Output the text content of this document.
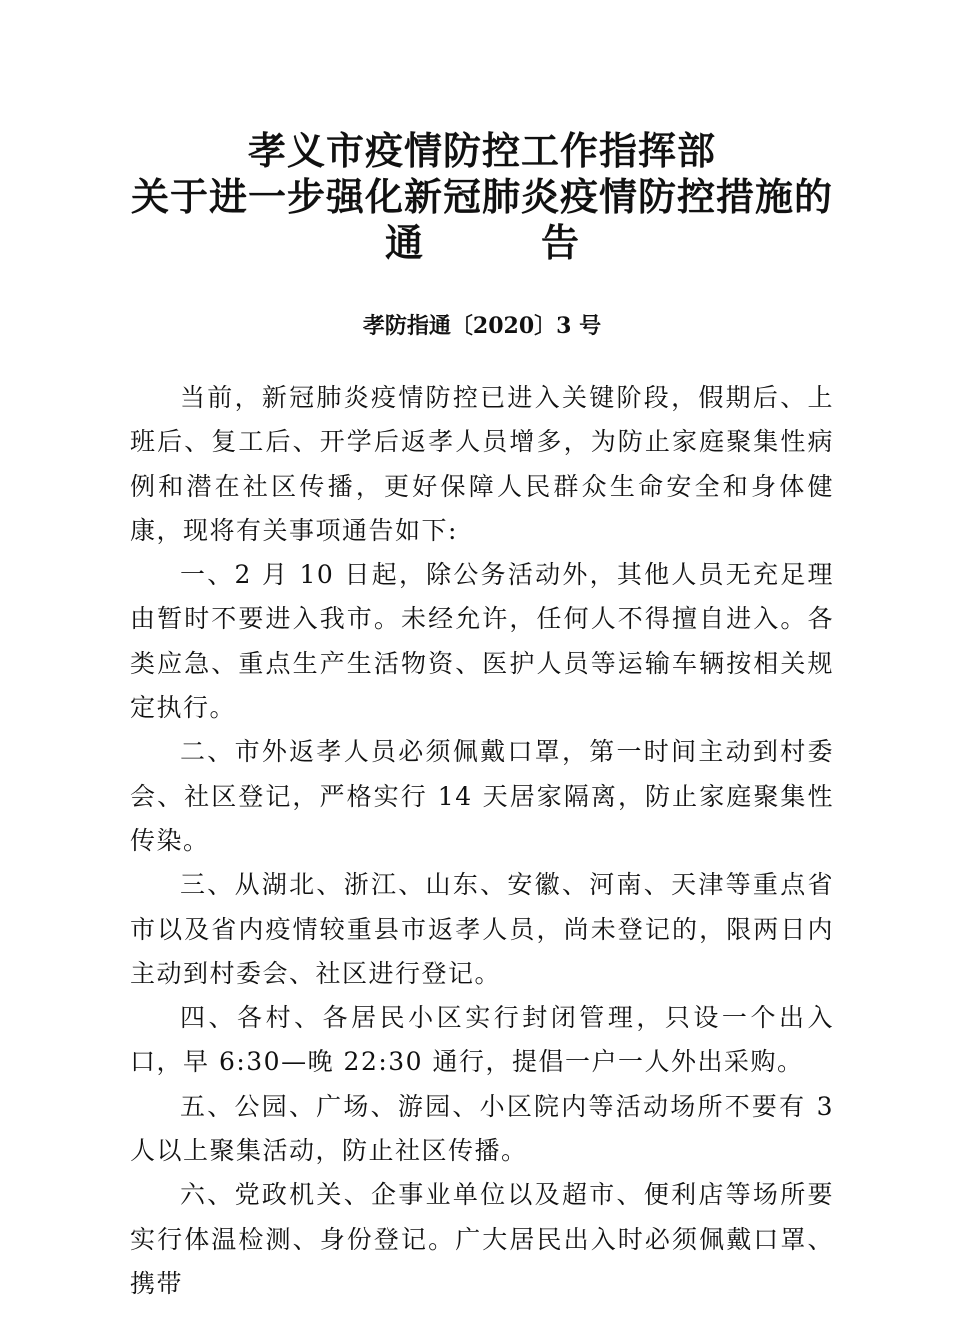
孝义市疫情防控工作指挥部
关于进一步强化新冠肺炎疫情防控措施的
通　告
孝防指通〔2020〕3 号

当前，新冠肺炎疫情防控已进入关键阶段，假期后、上班后、复工后、开学后返孝人员增多，为防止家庭聚集性病例和潜在社区传播，更好保障人民群众生命安全和身体健康，现将有关事项通告如下:

一、2 月 10 日起，除公务活动外，其他人员无充足理由暂时不要进入我市。未经允许，任何人不得擅自进入。各类应急、重点生产生活物资、医护人员等运输车辆按相关规定执行。

二、市外返孝人员必须佩戴口罩，第一时间主动到村委会、社区登记，严格实行 14 天居家隔离，防止家庭聚集性传染。

三、从湖北、浙江、山东、安徽、河南、天津等重点省市以及省内疫情较重县市返孝人员，尚未登记的，限两日内主动到村委会、社区进行登记。

四、各村、各居民小区实行封闭管理，只设一个出入口，早 6:30—晚 22:30 通行，提倡一户一人外出采购。

五、公园、广场、游园、小区院内等活动场所不要有 3 人以上聚集活动，防止社区传播。

六、党政机关、企事业单位以及超市、便利店等场所要实行体温检测、身份登记。广大居民出入时必须佩戴口罩、携带
